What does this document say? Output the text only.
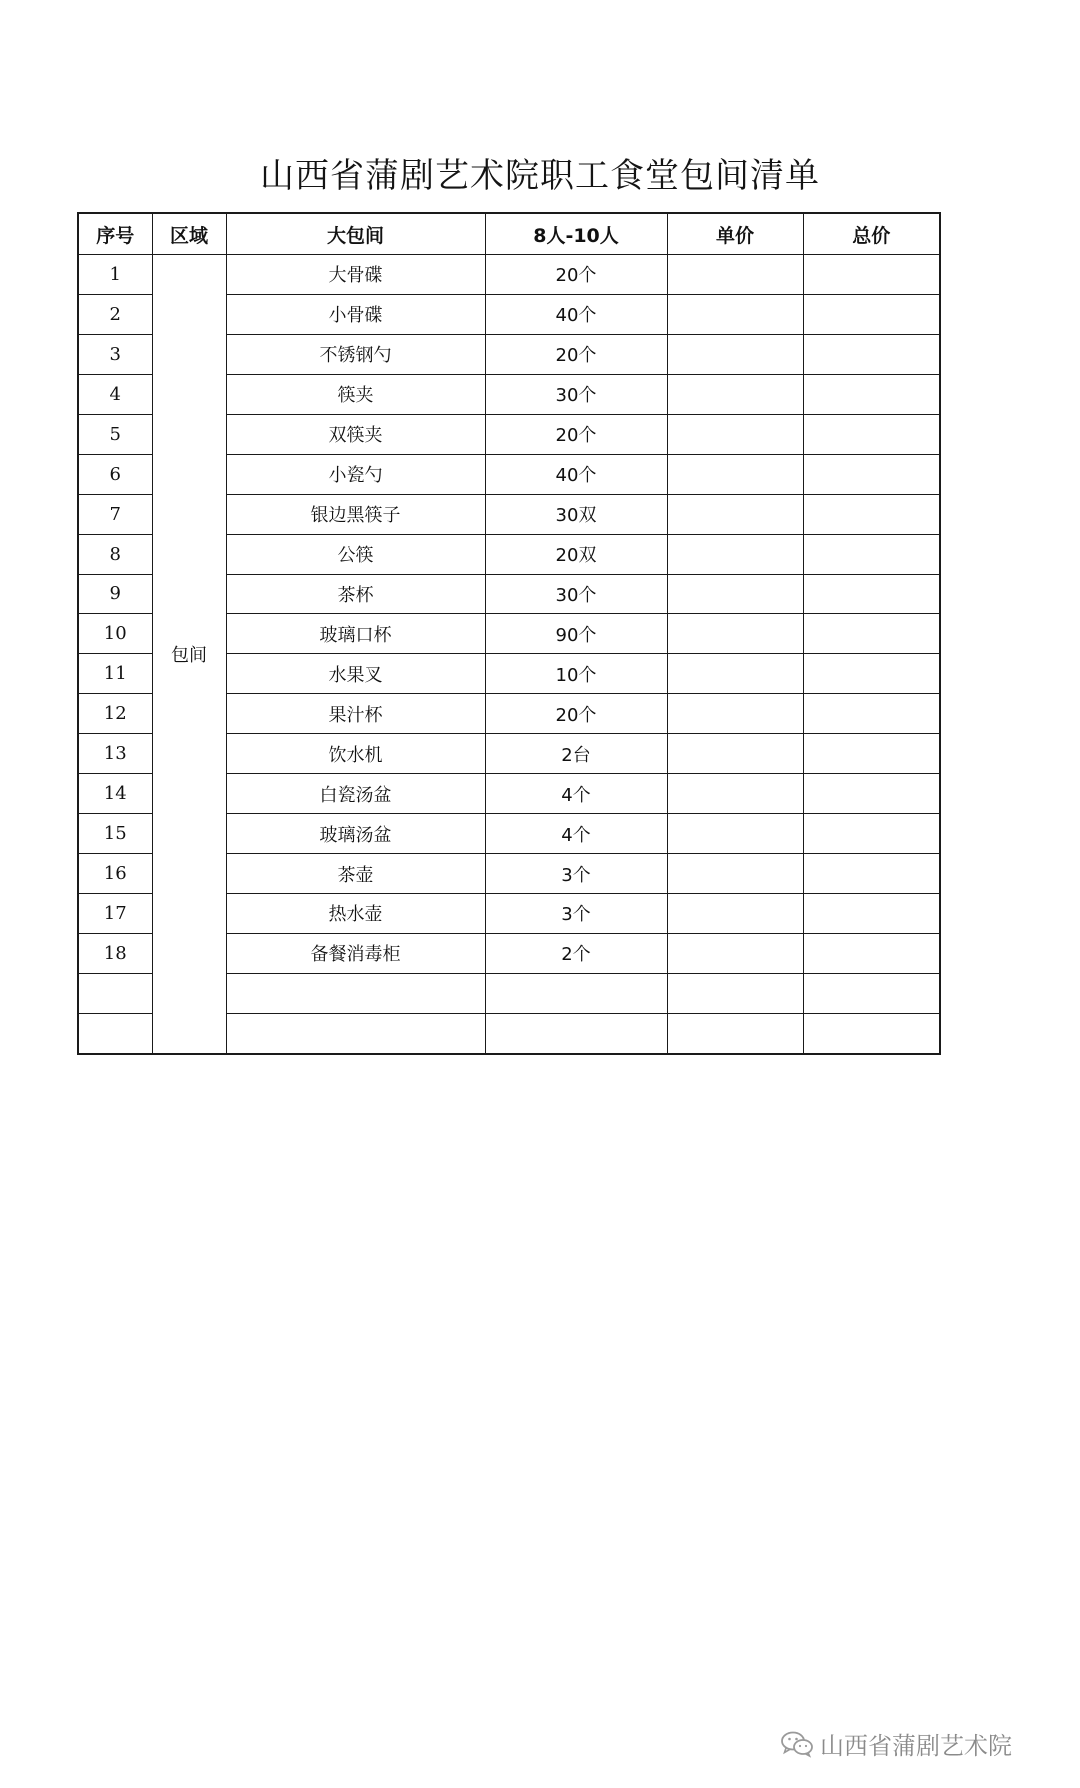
山西省蒲剧艺术院职工食堂包间清单
序号	区域	大包间	8人-10人	单价	总价
1	包间	大骨碟	20个		
2		小骨碟	40个		
3		不锈钢勺	20个		
4		筷夹	30个		
5		双筷夹	20个		
6		小瓷勺	40个		
7		银边黑筷子	30双		
8		公筷	20双		
9		茶杯	30个		
10		玻璃口杯	90个		
11		水果叉	10个		
12		果汁杯	20个		
13		饮水机	2台		
14		白瓷汤盆	4个		
15		玻璃汤盆	4个		
16		茶壶	3个		
17		热水壶	3个		
18		备餐消毒柜	2个		

山西省蒲剧艺术院
